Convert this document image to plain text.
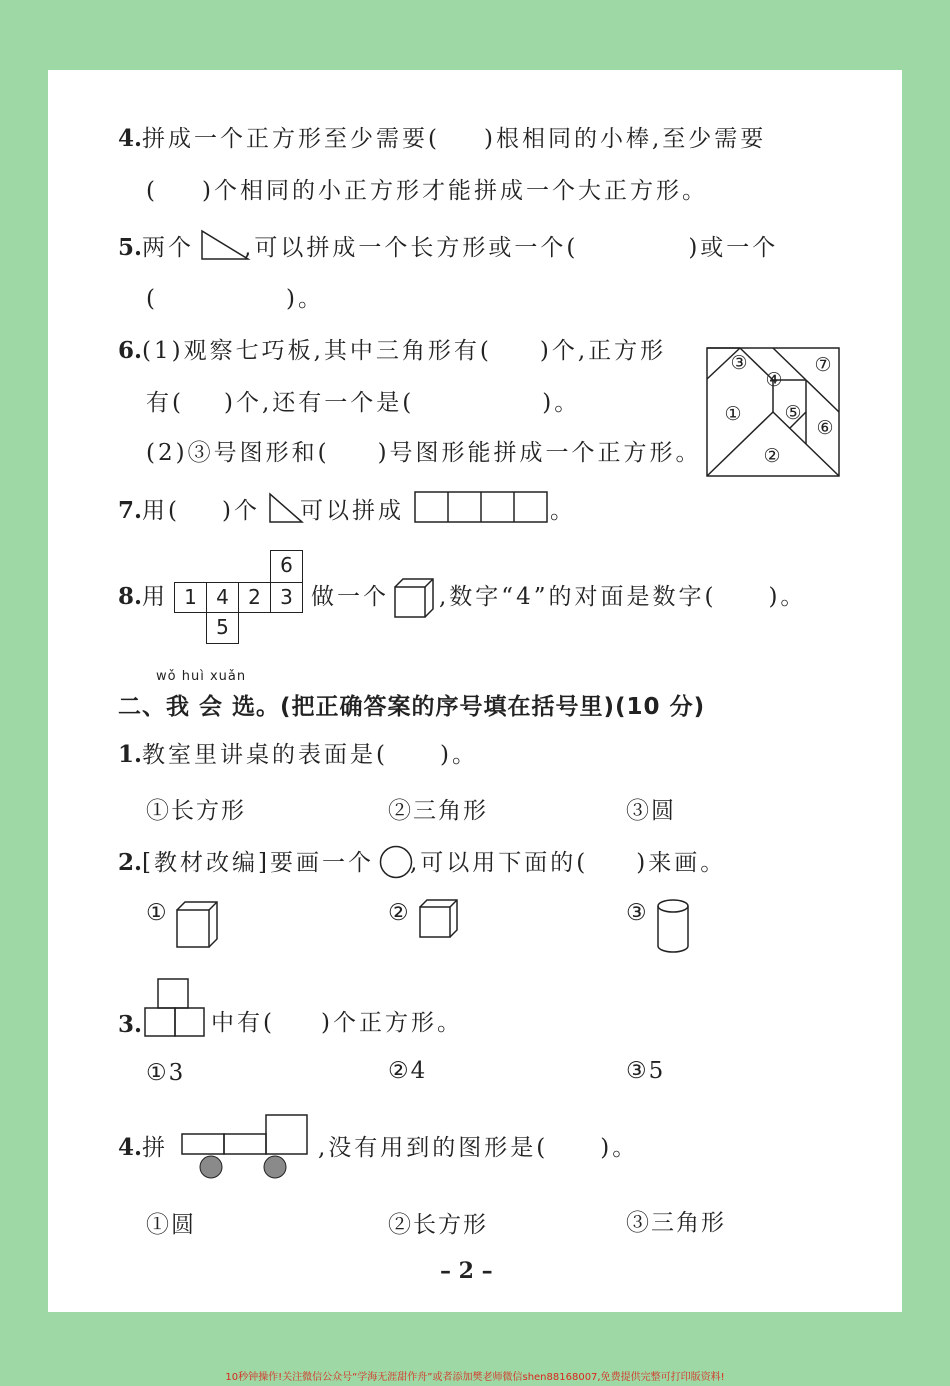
4.拼成一个正方形至少需要( )根相同的小棒,至少需要
( )个相同的小正方形才能拼成一个大正方形。
5.两个 ,可以拼成一个长方形或一个(	)或一个
(	)。
6.(1)观察七巧板,其中三角形有( )个,正方形
有( )个,还有一个是(	)。
(2)③号图形和( )号图形能拼成一个正方形。
③
④
⑦
① ⑤
⑥
②
7.用( )个 可以拼成	。
8.用 1 4 2 3
6
5
做一个 ,数字“4”的对面是数字( )。
wǒ huì xuǎn
二、我 会 选。(把正确答案的序号填在括号里)(10 分)
1.教室里讲桌的表面是( )。
①长方形	②三角形	③圆
2.[教材改编]要画一个 ,可以用下面的( )来画。
①	②	③
3.	中有( )个正方形。
①3	②4	③5
4.拼	,没有用到的图形是( )。
①圆	②长方形	③三角形
– 2 –
10秒钟操作!关注微信公众号“学海无涯甜作舟”或者添加樊老师微信shen88168007,免费提供完整可打印版资料!
